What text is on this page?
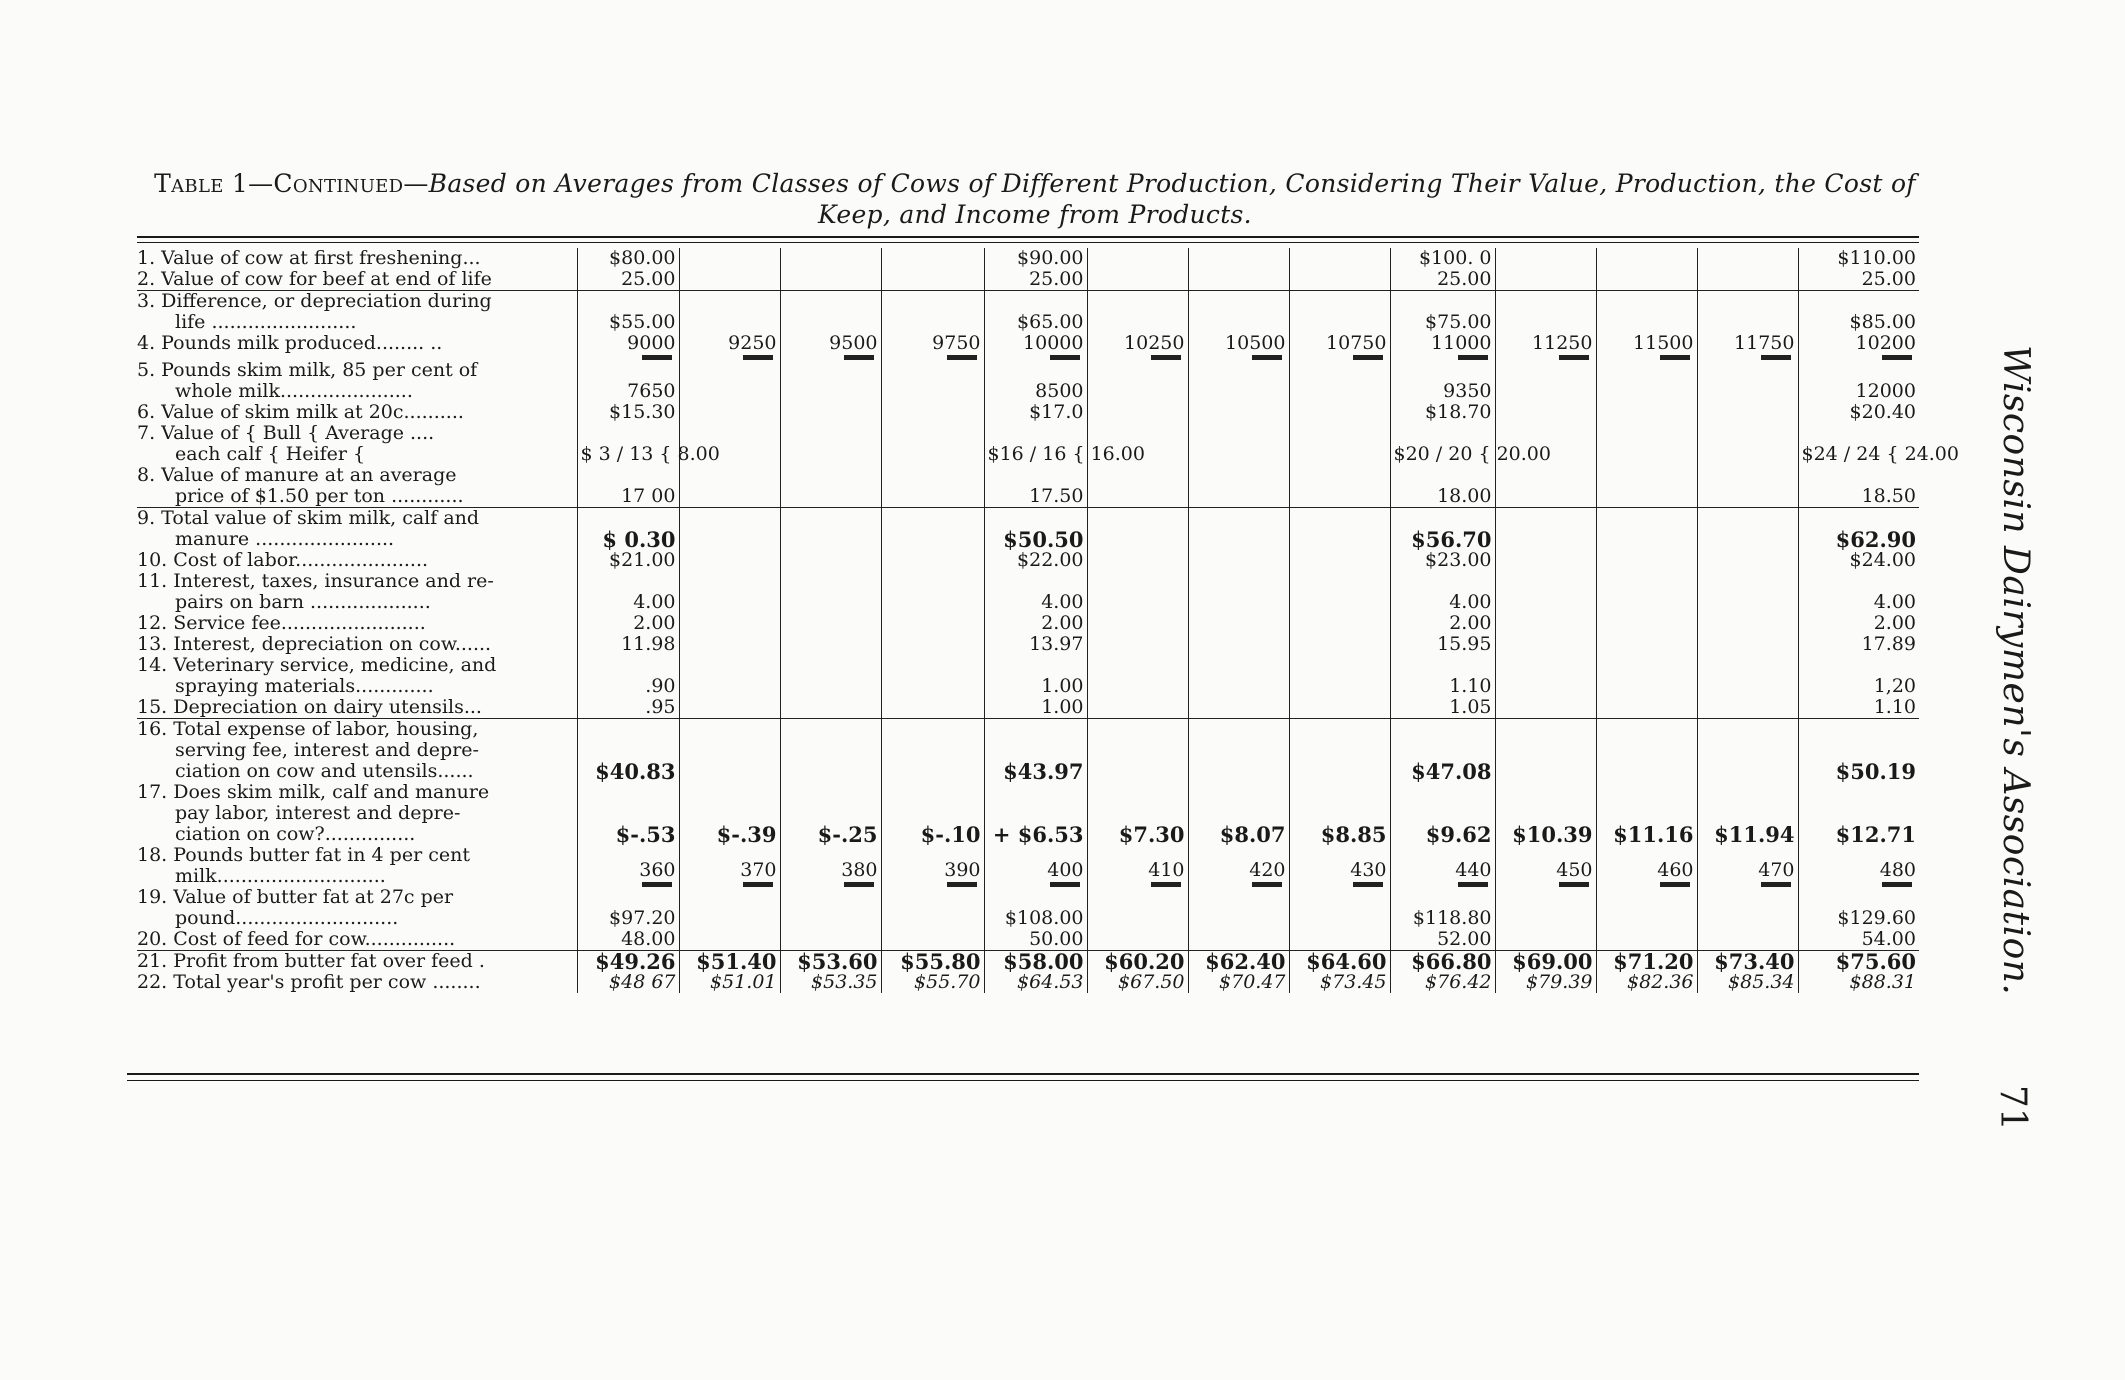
Table 1—Continued—Based on Averages from Classes of Cows of Different Production, Considering Their Value, Production, the Cost of Keep, and Income from Products.
1. Value of cow at first freshening...	$80.00				$90.00				$100. 0				$110.00

2. Value of cow for beef at end of life	25.00				25.00				25.00				25.00

3. Difference, or depreciation during
life ........................	$55.00				$65.00				$75.00				$85.00

4. Pounds milk produced........ ..	9000	9250	9500	9750	10000	10250	10500	10750	11000	11250	11500	11750	10200

5. Pounds skim milk, 85 per cent of
whole milk......................	7650				8500				9350				12000

6. Value of skim milk at 20c..........	$15.30				$17.0				$18.70				$20.40

7. Value of { Bull { Average ....
each calf { Heifer {	$ 3 / 13 { 8.00				$16 / 16 { 16.00				$20 / 20 { 20.00				$24 / 24 { 24.00

8. Value of manure at an average
price of $1.50 per ton ............	17 00				17.50				18.00				18.50

9. Total value of skim milk, calf and
manure .......................	$ 0.30				$50.50				$56.70				$62.90

10. Cost of labor......................	$21.00				$22.00				$23.00				$24.00

11. Interest, taxes, insurance and re-
pairs on barn ....................	4.00				4.00				4.00				4.00

12. Service fee........................	2.00				2.00				2.00				2.00

13. Interest, depreciation on cow......	11.98				13.97				15.95				17.89

14. Veterinary service, medicine, and
spraying materials.............	.90				1.00				1.10				1,20

15. Depreciation on dairy utensils...	.95				1.00				1.05				1.10

16. Total expense of labor, housing,
serving fee, interest and depre-
ciation on cow and utensils......	$40.83				$43.97				$47.08				$50.19

17. Does skim milk, calf and manure
pay labor, interest and depre-
ciation on cow?...............	$-.53	$-.39	$-.25	$-.10	+ $6.53	$7.30	$8.07	$8.85	$9.62	$10.39	$11.16	$11.94	$12.71

18. Pounds butter fat in 4 per cent
milk............................	360	370	380	390	400	410	420	430	440	450	460	470	480

19. Value of butter fat at 27c per
pound...........................	$97.20				$108.00				$118.80				$129.60

20. Cost of feed for cow...............	48.00				50.00				52.00				54.00

21. Profit from butter fat over feed .	$49.26	$51.40	$53.60	$55.80	$58.00	$60.20	$62.40	$64.60	$66.80	$69.00	$71.20	$73.40	$75.60

22. Total year's profit per cow ........	$48 67	$51.01	$53.35	$55.70	$64.53	$67.50	$70.47	$73.45	$76.42	$79.39	$82.36	$85.34	$88.31 Wisconsin Dairymen's Association.
71
